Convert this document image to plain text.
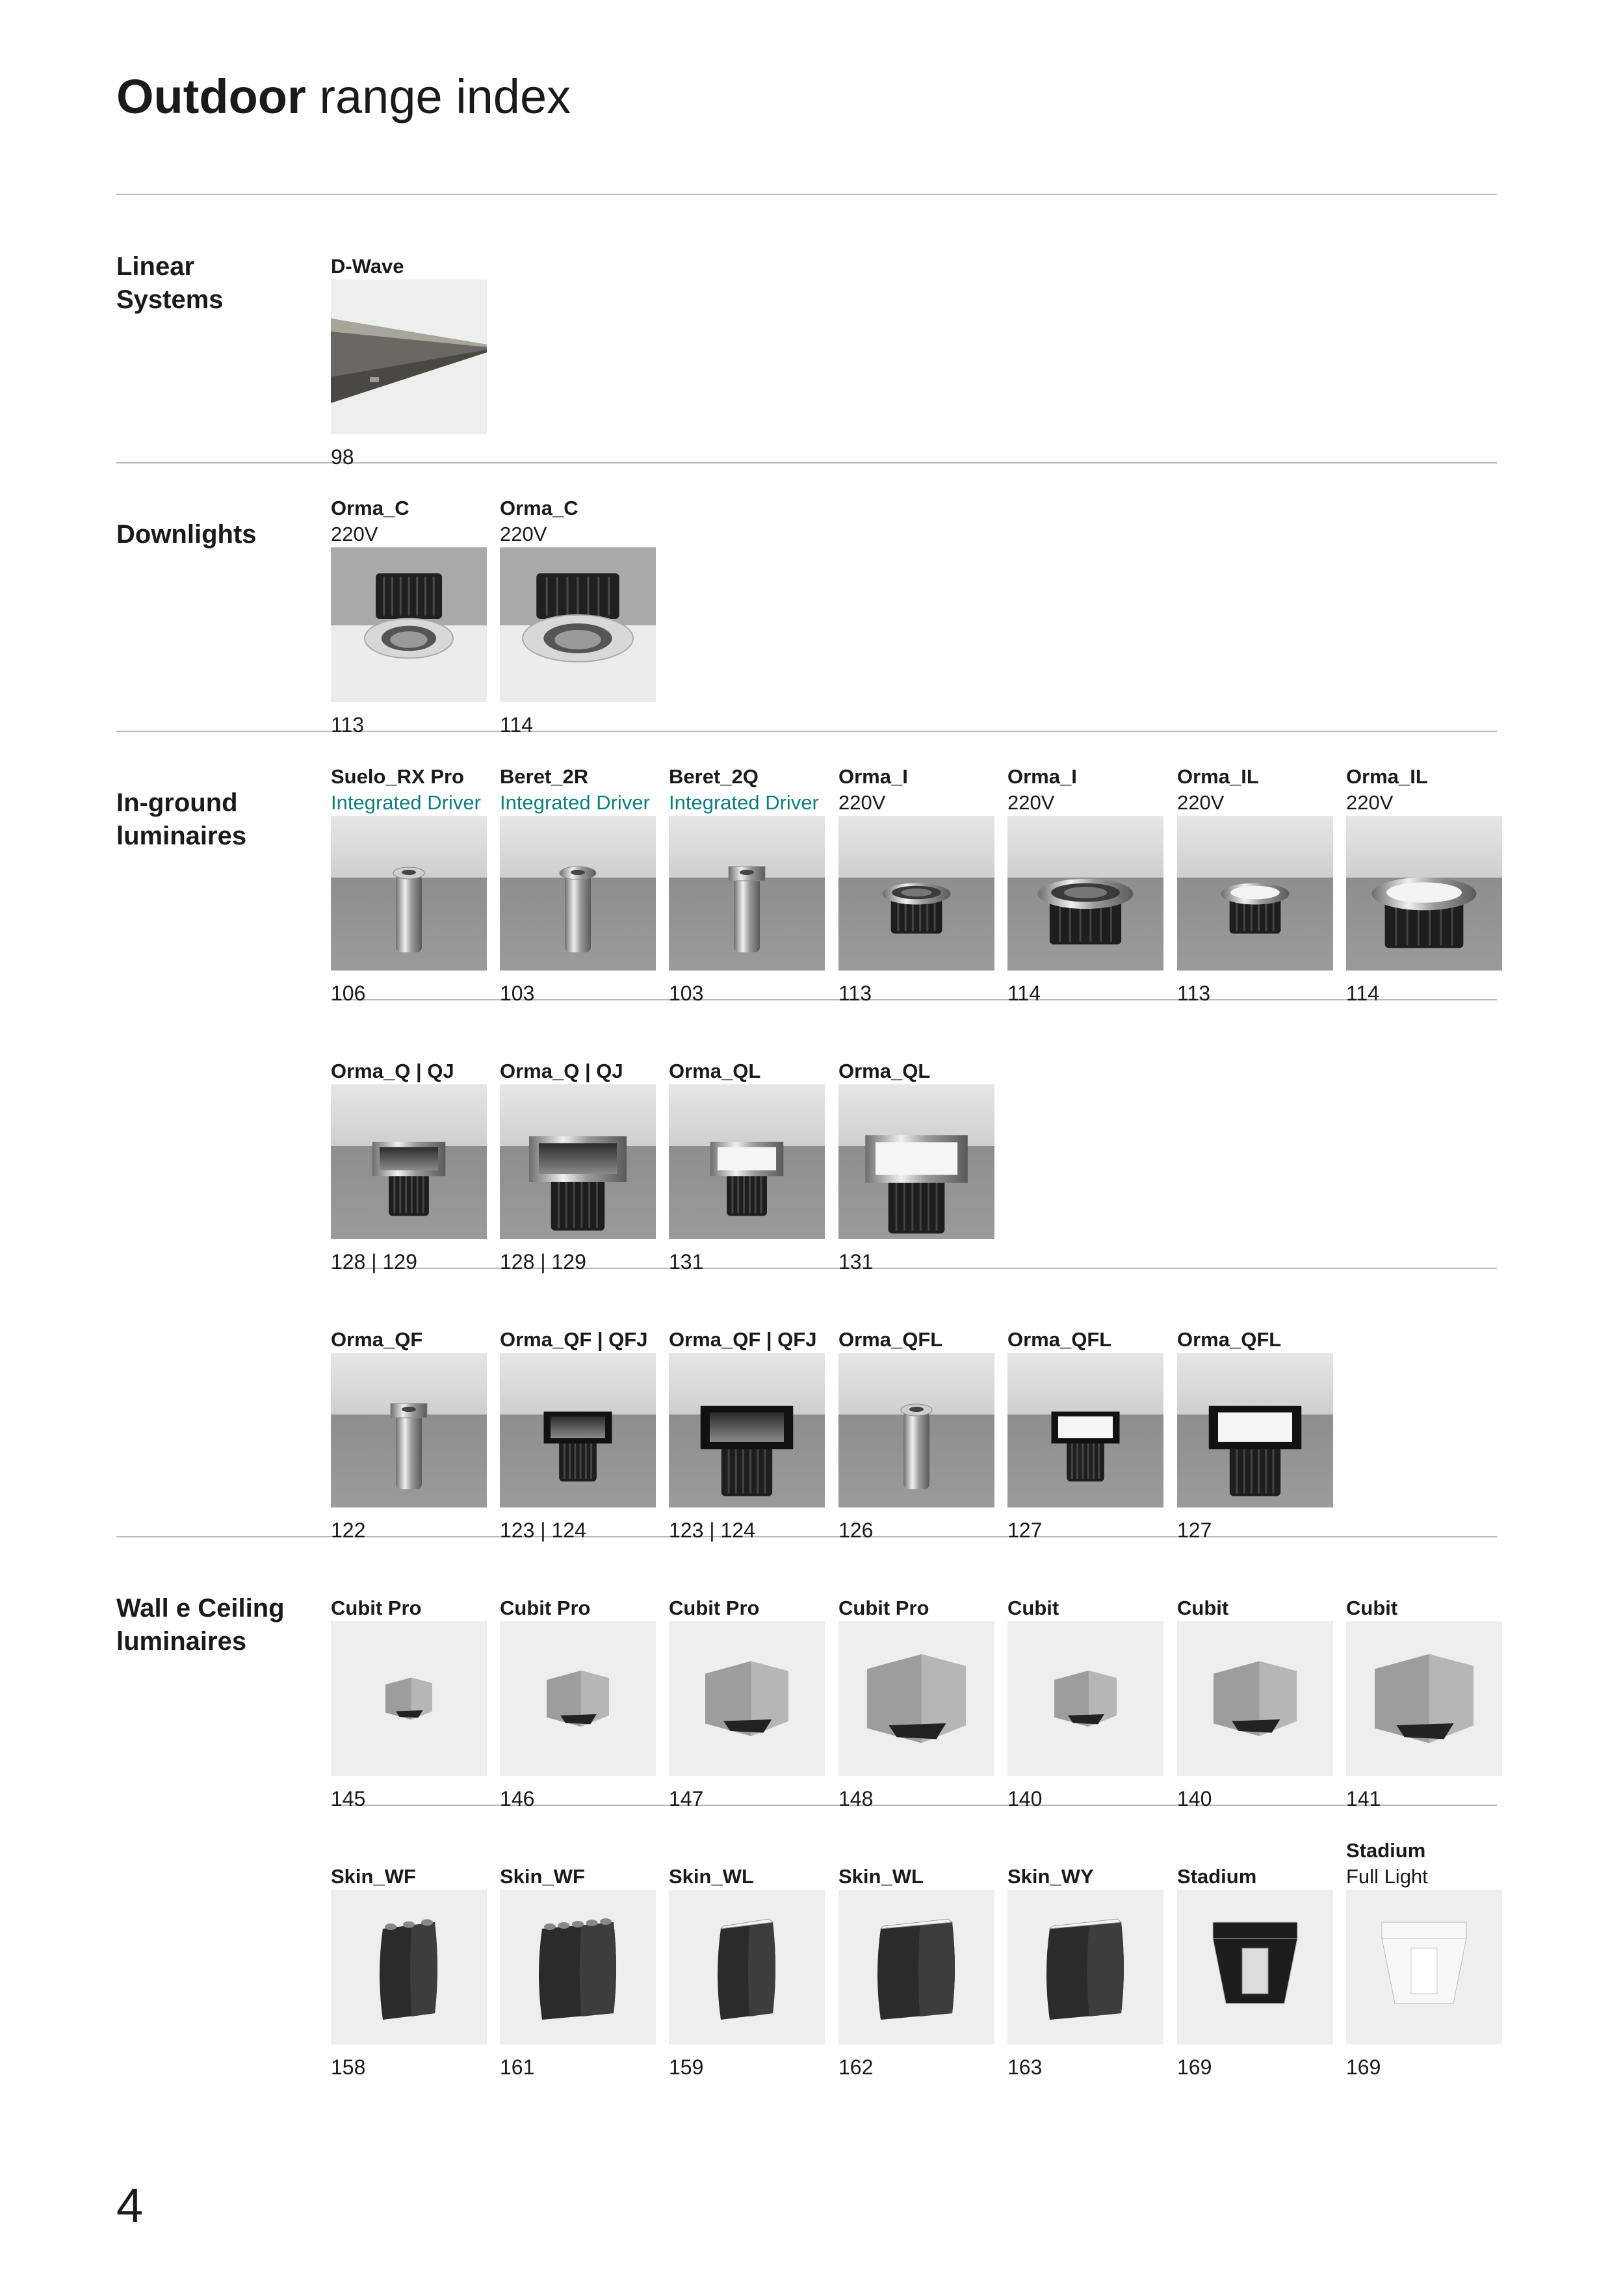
Outdoor range index
Linear
Systems
D-Wave
98
Downlights
Orma_C
220V
113
Orma_C
220V
114
In-ground
luminaires
Suelo_RX Pro
Integrated Driver
106
Beret_2R
Integrated Driver
103
Beret_2Q
Integrated Driver
103
Orma_I
220V
113
Orma_I
220V
114
Orma_IL
220V
113
Orma_IL
220V
114
Orma_Q | QJ
128 | 129
Orma_Q | QJ
128 | 129
Orma_QL
131
Orma_QL
131
Orma_QF
122
Orma_QF | QFJ
123 | 124
Orma_QF | QFJ
123 | 124
Orma_QFL
126
Orma_QFL
127
Orma_QFL
127
Wall e Ceiling
luminaires
Cubit Pro
145
Cubit Pro
146
Cubit Pro
147
Cubit Pro
148
Cubit
140
Cubit
140
Cubit
141
Skin_WF
158
Skin_WF
161
Skin_WL
159
Skin_WL
162
Skin_WY
163
Stadium
169
Stadium
Full Light
169
4
